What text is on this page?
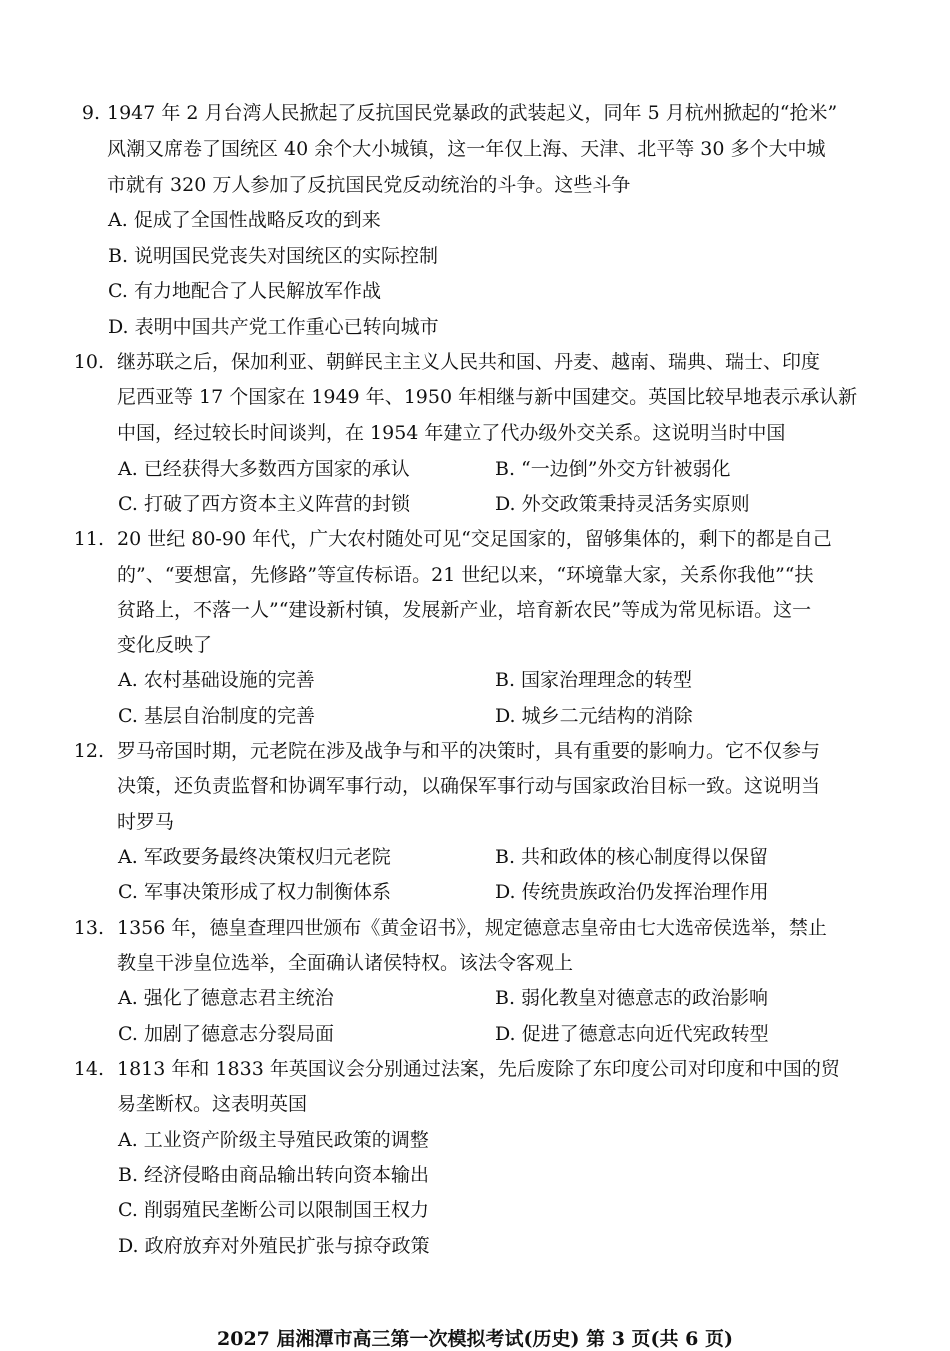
9. 1947 年 2 月台湾人民掀起了反抗国民党暴政的武装起义，同年 5 月杭州掀起的“抢米”
风潮又席卷了国统区 40 余个大小城镇，这一年仅上海、天津、北平等 30 多个大中城
市就有 320 万人参加了反抗国民党反动统治的斗争。这些斗争
A. 促成了全国性战略反攻的到来
B. 说明国民党丧失对国统区的实际控制
C. 有力地配合了人民解放军作战
D. 表明中国共产党工作重心已转向城市
10. 继苏联之后，保加利亚、朝鲜民主主义人民共和国、丹麦、越南、瑞典、瑞士、印度
尼西亚等 17 个国家在 1949 年、1950 年相继与新中国建交。英国比较早地表示承认新
中国，经过较长时间谈判，在 1954 年建立了代办级外交关系。这说明当时中国
A. 已经获得大多数西方国家的承认	B. “一边倒”外交方针被弱化
C. 打破了西方资本主义阵营的封锁	D. 外交政策秉持灵活务实原则
11. 20 世纪 80-90 年代，广大农村随处可见“交足国家的，留够集体的，剩下的都是自己
的”、“要想富，先修路”等宣传标语。21 世纪以来，“环境靠大家，关系你我他”“扶
贫路上，不落一人”“建设新村镇，发展新产业，培育新农民”等成为常见标语。这一
变化反映了
A. 农村基础设施的完善	B. 国家治理理念的转型
C. 基层自治制度的完善	D. 城乡二元结构的消除
12. 罗马帝国时期，元老院在涉及战争与和平的决策时，具有重要的影响力。它不仅参与
决策，还负责监督和协调军事行动，以确保军事行动与国家政治目标一致。这说明当
时罗马
A. 军政要务最终决策权归元老院	B. 共和政体的核心制度得以保留
C. 军事决策形成了权力制衡体系	D. 传统贵族政治仍发挥治理作用
13. 1356 年，德皇查理四世颁布《黄金诏书》，规定德意志皇帝由七大选帝侯选举，禁止
教皇干涉皇位选举，全面确认诸侯特权。该法令客观上
A. 强化了德意志君主统治	B. 弱化教皇对德意志的政治影响
C. 加剧了德意志分裂局面	D. 促进了德意志向近代宪政转型
14. 1813 年和 1833 年英国议会分别通过法案，先后废除了东印度公司对印度和中国的贸
易垄断权。这表明英国
A. 工业资产阶级主导殖民政策的调整
B. 经济侵略由商品输出转向资本输出
C. 削弱殖民垄断公司以限制国王权力
D. 政府放弃对外殖民扩张与掠夺政策
2027 届湘潭市高三第一次模拟考试(历史) 第 3 页(共 6 页)
